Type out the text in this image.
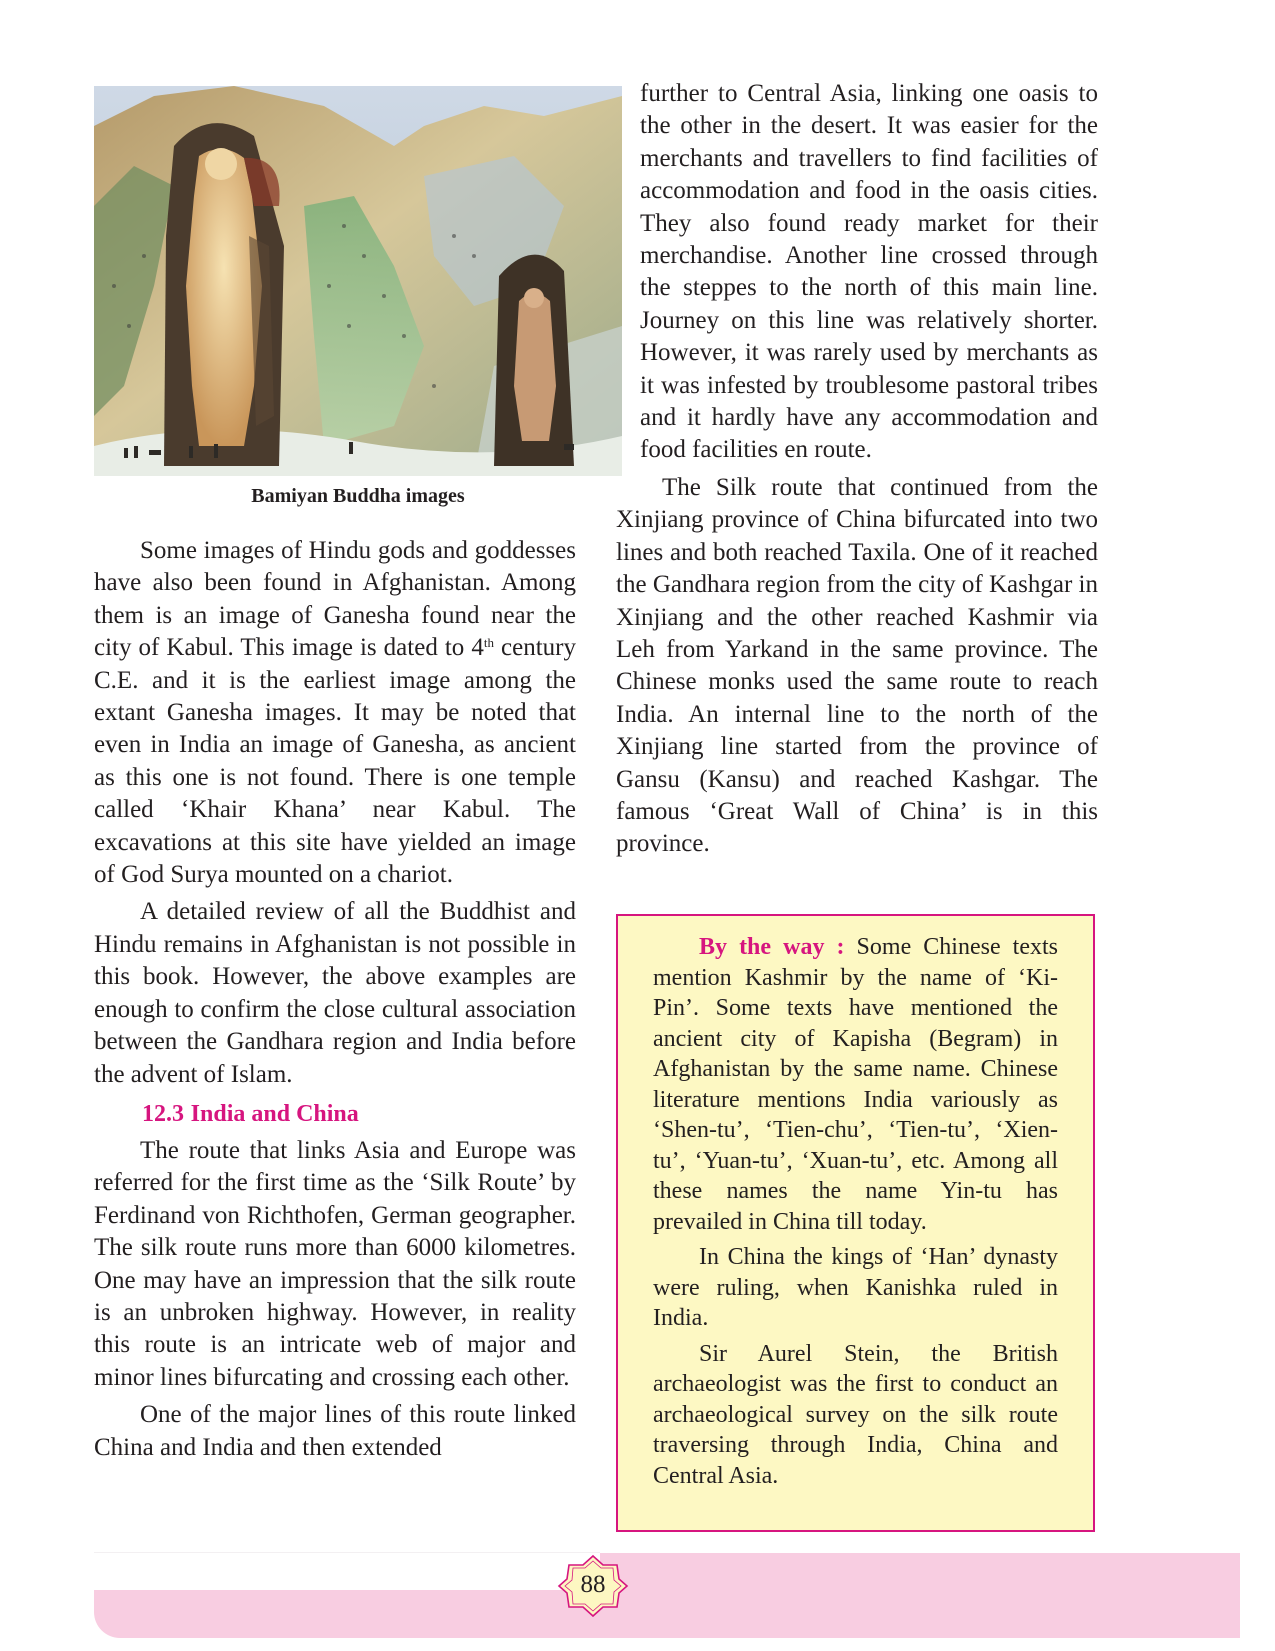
Bamiyan Buddha images

Some images of Hindu gods and goddesses have also been found in Afghanistan. Among them is an image of Ganesha found near the city of Kabul. This image is dated to 4th century C.E. and it is the earliest image among the extant Ganesha images. It may be noted that even in India an image of Ganesha, as ancient as this one is not found. There is one temple called ‘Khair Khana’ near Kabul. The excavations at this site have yielded an image of God Surya mounted on a chariot.

A detailed review of all the Buddhist and Hindu remains in Afghanistan is not possible in this book. However, the above examples are enough to confirm the close cultural association between the Gandhara region and India before the advent of Islam.

12.3 India and China

The route that links Asia and Europe was referred for the first time as the ‘Silk Route’ by Ferdinand von Richthofen, German geographer. The silk route runs more than 6000 kilometres. One may have an impression that the silk route is an unbroken highway. However, in reality this route is an intricate web of major and minor lines bifurcating and crossing each other.

One of the major lines of this route linked China and India and then extended

further to Central Asia, linking one oasis to the other in the desert. It was easier for the merchants and travellers to find facilities of accommodation and food in the oasis cities. They also found ready market for their merchandise. Another line crossed through the steppes to the north of this main line. Journey on this line was relatively shorter. However, it was rarely used by merchants as it was infested by troublesome pastoral tribes and it hardly have any accommodation and food facilities en route.

The Silk route that continued from the Xinjiang province of China bifurcated into two lines and both reached Taxila. One of it reached the Gandhara region from the city of Kashgar in Xinjiang and the other reached Kashmir via Leh from Yarkand in the same province. The Chinese monks used the same route to reach India. An internal line to the north of the Xinjiang line started from the province of Gansu (Kansu) and reached Kashgar. The famous ‘Great Wall of China’ is in this province.

By the way : Some Chinese texts mention Kashmir by the name of ‘Ki-Pin’. Some texts have mentioned the ancient city of Kapisha (Begram) in Afghanistan by the same name. Chinese literature mentions India variously as ‘Shen-tu’, ‘Tien-chu’, ‘Tien-tu’, ‘Xien-tu’, ‘Yuan-tu’, ‘Xuan-tu’, etc. Among all these names the name Yin-tu has prevailed in China till today.

In China the kings of ‘Han’ dynasty were ruling, when Kanishka ruled in India.

Sir Aurel Stein, the British archaeologist was the first to conduct an archaeological survey on the silk route traversing through India, China and Central Asia.

88
